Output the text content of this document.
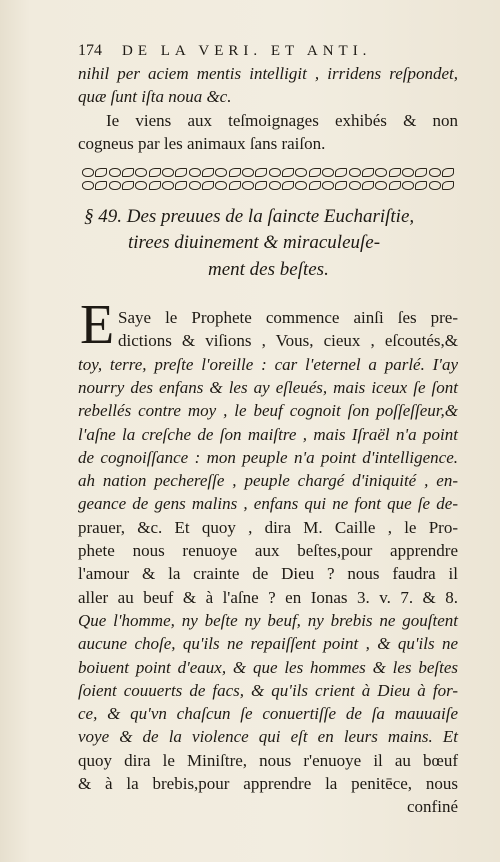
174 DE LA VERI. ET ANTI.
nihil per aciem mentis intelligit , irridens reſpondet,
quæ ſunt iſta noua &c.
Ie viens aux teſmoignages exhibés & non
cogneus par les animaux ſans raiſon.
§ 49. Des preuues de la ſaincte Euchariſtie,
tirees diuinement & miraculeuſe-
ment des beſtes.
E Saye le Prophete commence ainſi ſes pre-
dictions & viſions , Vous, cieux , eſcoutés,&
toy, terre, preſte l'oreille : car l'eternel a parlé. I'ay
nourry des enfans & les ay eſleués, mais iceux ſe ſont
rebellés contre moy , le beuf cognoit ſon poſſeſſeur,&
l'aſne la creſche de ſon maiſtre , mais Iſraël n'a point
de cognoiſſance : mon peuple n'a point d'intelligence.
ah nation pechereſſe , peuple chargé d'iniquité , en-
geance de gens malins , enfans qui ne font que ſe de-
prauer, &c. Et quoy , dira M. Caille , le Pro-
phete nous renuoye aux beſtes,pour apprendre
l'amour & la crainte de Dieu ? nous faudra il
aller au beuf & à l'aſne ? en Ionas 3. v. 7. & 8.
Que l'homme, ny beſte ny beuf, ny brebis ne gouſtent
aucune choſe, qu'ils ne repaiſſent point , & qu'ils ne
boiuent point d'eaux, & que les hommes & les beſtes
ſoient couuerts de facs, & qu'ils crient à Dieu à for-
ce, & qu'vn chaſcun ſe conuertiſſe de ſa mauuaiſe
voye & de la violence qui eſt en leurs mains. Et
quoy dira le Miniſtre, nous r'enuoye il au bœuf
& à la brebis,pour apprendre la penitēce, nous
confiné
